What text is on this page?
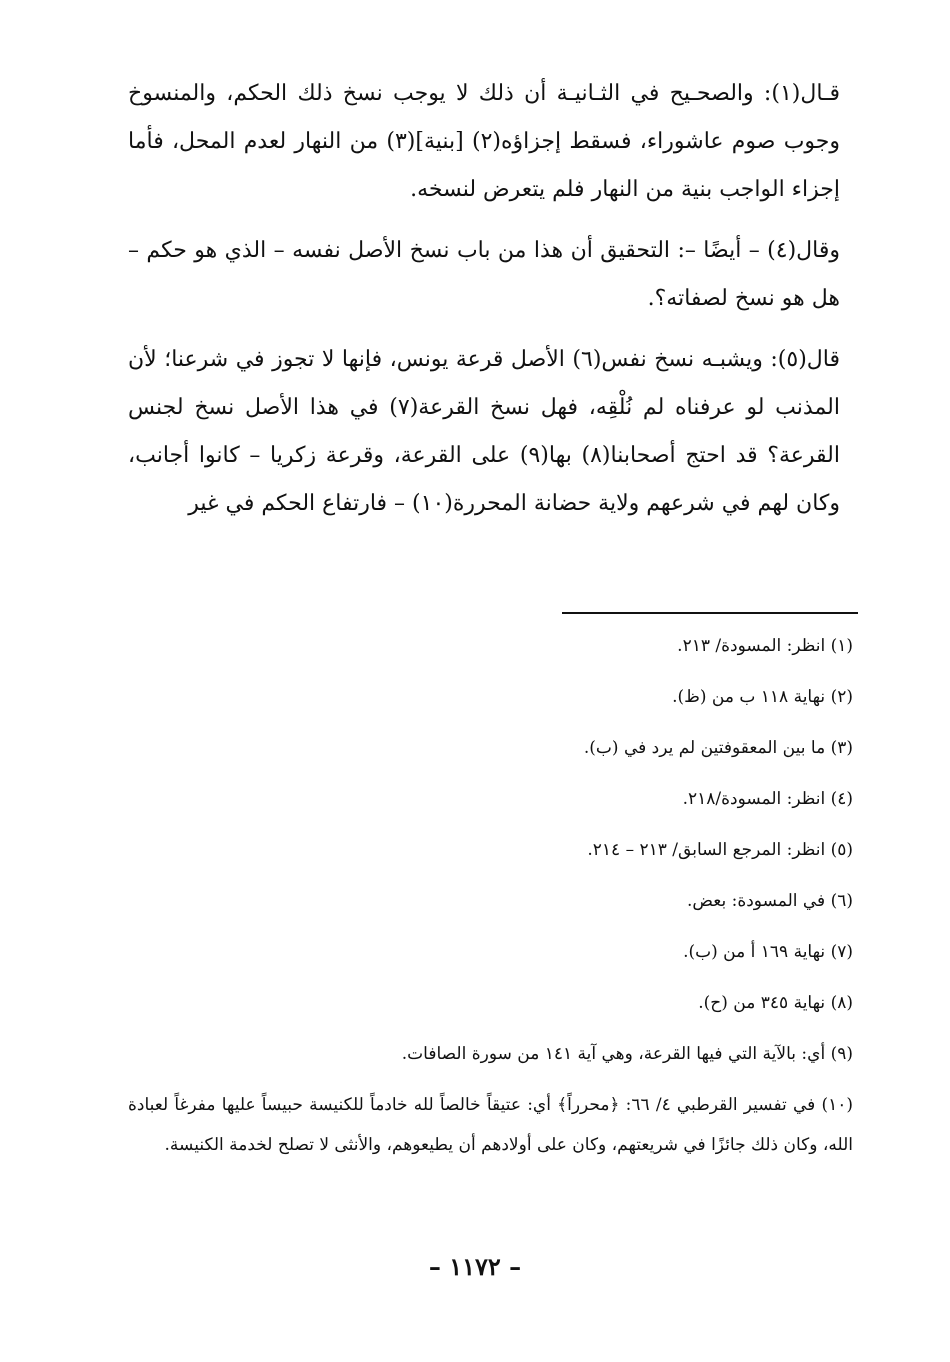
قـال(١): والصحـيح في الثـانيـة أن ذلك لا يوجب نسخ ذلك الحكم، والمنسوخ وجوب صوم عاشوراء، فسقط إجزاؤه(٢) [بنية](٣) من النهار لعدم المحل، فأما إجزاء الواجب بنية من النهار فلم يتعرض لنسخه.

وقال(٤) – أيضًا –: التحقيق أن هذا من باب نسخ الأصل نفسه – الذي هو حكم – هل هو نسخ لصفاته؟.

قال(٥): ويشبـه نسخ نفس(٦) الأصل قرعة يونس، فإنها لا تجوز في شرعنا؛ لأن المذنب لو عرفناه لم نُلْقِه، فهل نسخ القرعة(٧) في هذا الأصل نسخ لجنس القرعة؟ قد احتج أصحابنا(٨) بها(٩) على القرعة، وقرعة زكريا – كانوا أجانب، وكان لهم في شرعهم ولاية حضانة المحررة(١٠) – فارتفاع الحكم في غير

(١) انظر: المسودة/ ٢١٣.
(٢) نهاية ١١٨ ب من (ظ).
(٣) ما بين المعقوفتين لم يرد في (ب).
(٤) انظر: المسودة/٢١٨.
(٥) انظر: المرجع السابق/ ٢١٣ – ٢١٤.
(٦) في المسودة: بعض.
(٧) نهاية ١٦٩ أ من (ب).
(٨) نهاية ٣٤٥ من (ح).
(٩) أي: بالآية التي فيها القرعة، وهي آية ١٤١ من سورة الصافات.
(١٠) في تفسير القرطبي ٤/ ٦٦: ﴿محرراً﴾ أي: عتيقاً خالصاً لله خادماً للكنيسة حبيساً عليها مفرغاً لعبادة الله، وكان ذلك جائزًا في شريعتهم، وكان على أولادهم أن يطيعوهم، والأنثى لا تصلح لخدمة الكنيسة.
– ١١٧٢ –
